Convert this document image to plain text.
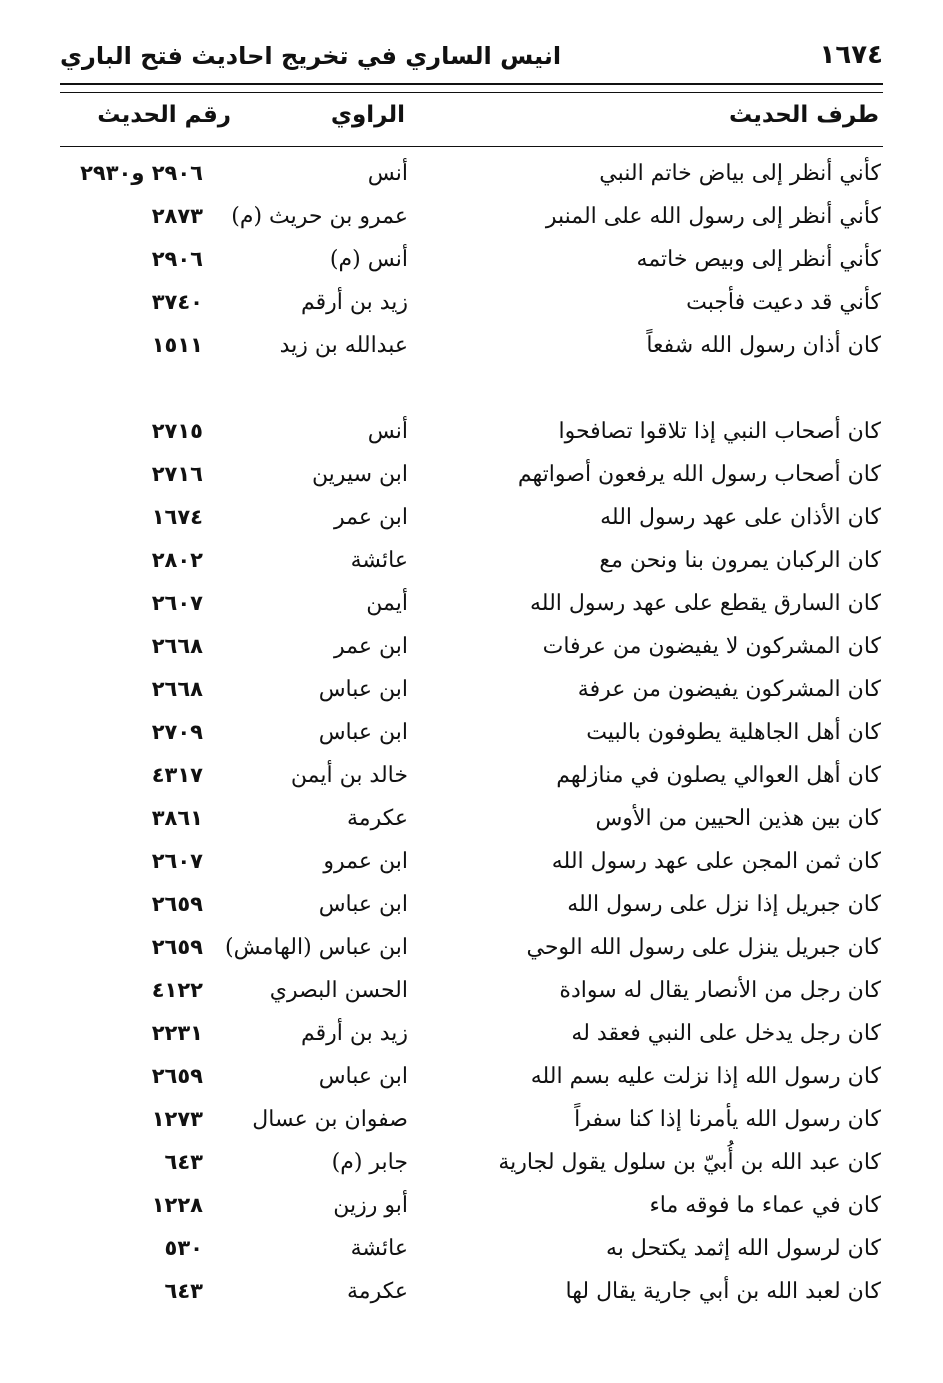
١٦٧٤
انيس الساري في تخريج احاديث فتح الباري
طرف الحديث
الراوي
رقم الحديث
كأني أنظر إلى بياض خاتم النبي
أنس
٢٩٠٦ و٢٩٣٠
كأني أنظر إلى رسول الله على المنبر
عمرو بن حريث (م)
٢٨٧٣
كأني أنظر إلى وبيص خاتمه
أنس (م)
٢٩٠٦
كأني قد دعيت فأجبت
زيد بن أرقم
٣٧٤٠
كان أذان رسول الله شفعاً
عبدالله بن زيد
١٥١١
كان أصحاب النبي إذا تلاقوا تصافحوا
أنس
٢٧١٥
كان أصحاب رسول الله يرفعون أصواتهم
ابن سيرين
٢٧١٦
كان الأذان على عهد رسول الله
ابن عمر
١٦٧٤
كان الركبان يمرون بنا ونحن مع
عائشة
٢٨٠٢
كان السارق يقطع على عهد رسول الله
أيمن
٢٦٠٧
كان المشركون لا يفيضون من عرفات
ابن عمر
٢٦٦٨
كان المشركون يفيضون من عرفة
ابن عباس
٢٦٦٨
كان أهل الجاهلية يطوفون بالبيت
ابن عباس
٢٧٠٩
كان أهل العوالي يصلون في منازلهم
خالد بن أيمن
٤٣١٧
كان بين هذين الحيين من الأوس
عكرمة
٣٨٦١
كان ثمن المجن على عهد رسول الله
ابن عمرو
٢٦٠٧
كان جبريل إذا نزل على رسول الله
ابن عباس
٢٦٥٩
كان جبريل ينزل على رسول الله الوحي
ابن عباس (الهامش)
٢٦٥٩
كان رجل من الأنصار يقال له سوادة
الحسن البصري
٤١٢٢
كان رجل يدخل على النبي فعقد له
زيد بن أرقم
٢٢٣١
كان رسول الله إذا نزلت عليه بسم الله
ابن عباس
٢٦٥٩
كان رسول الله يأمرنا إذا كنا سفراً
صفوان بن عسال
١٢٧٣
كان عبد الله بن أُبيّ بن سلول يقول لجارية
جابر (م)
٦٤٣
كان في عماء ما فوقه ماء
أبو رزين
١٢٢٨
كان لرسول الله إثمد يكتحل به
عائشة
٥٣٠
كان لعبد الله بن أبي جارية يقال لها
عكرمة
٦٤٣
